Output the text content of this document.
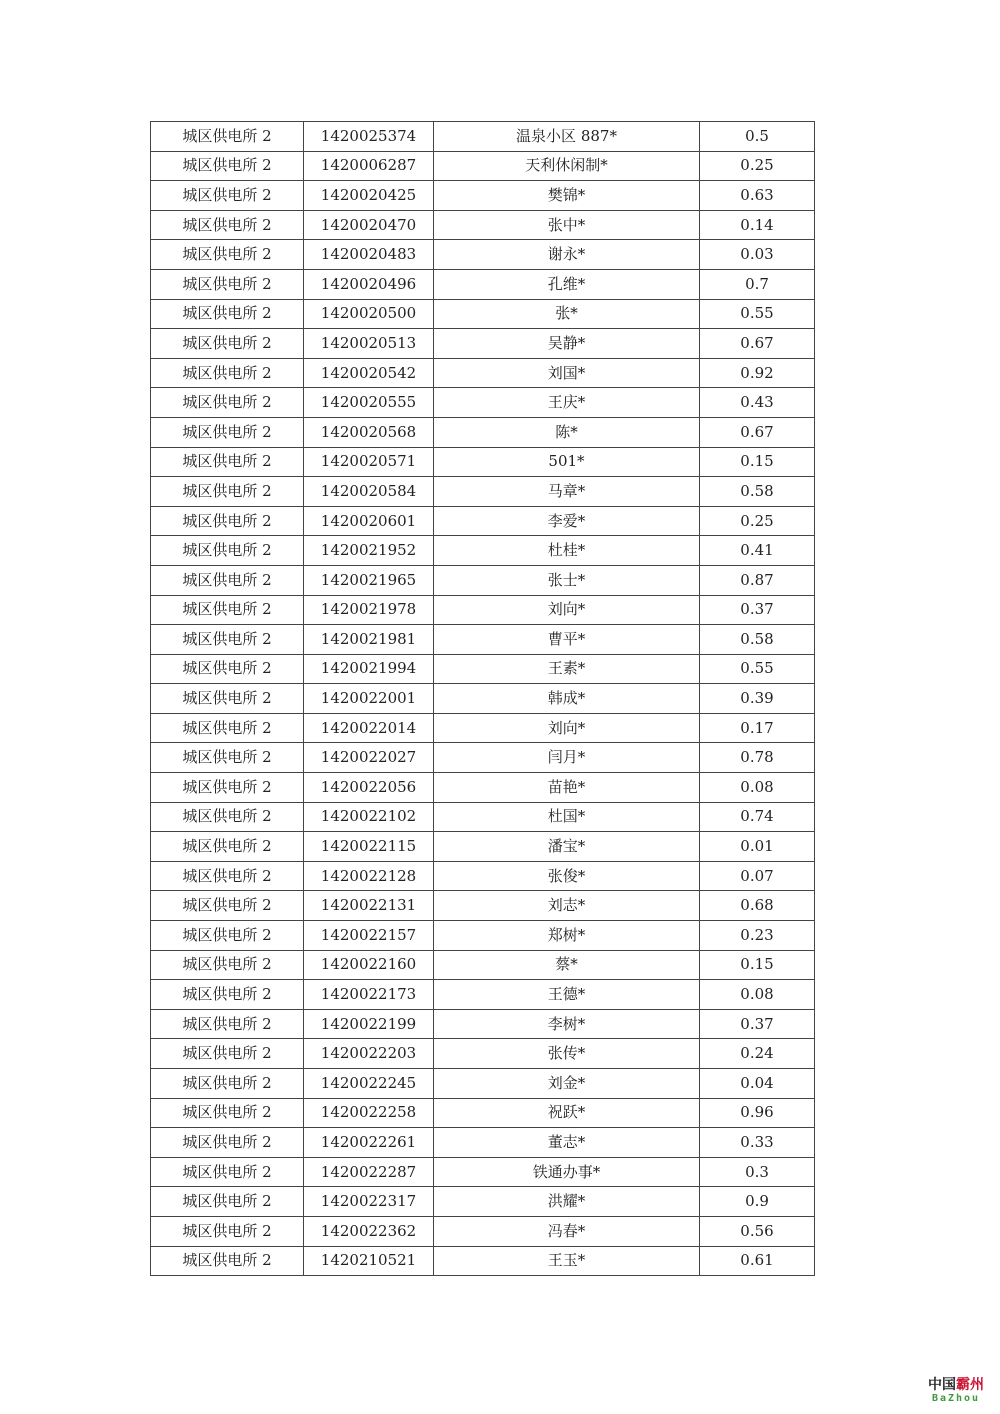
城区供电所 2	1420025374	温泉小区 887*	0.5
城区供电所 2	1420006287	天利休闲制*	0.25
城区供电所 2	1420020425	樊锦*	0.63
城区供电所 2	1420020470	张中*	0.14
城区供电所 2	1420020483	谢永*	0.03
城区供电所 2	1420020496	孔维*	0.7
城区供电所 2	1420020500	张*	0.55
城区供电所 2	1420020513	吴静*	0.67
城区供电所 2	1420020542	刘国*	0.92
城区供电所 2	1420020555	王庆*	0.43
城区供电所 2	1420020568	陈*	0.67
城区供电所 2	1420020571	501*	0.15
城区供电所 2	1420020584	马章*	0.58
城区供电所 2	1420020601	李爱*	0.25
城区供电所 2	1420021952	杜桂*	0.41
城区供电所 2	1420021965	张士*	0.87
城区供电所 2	1420021978	刘向*	0.37
城区供电所 2	1420021981	曹平*	0.58
城区供电所 2	1420021994	王素*	0.55
城区供电所 2	1420022001	韩成*	0.39
城区供电所 2	1420022014	刘向*	0.17
城区供电所 2	1420022027	闫月*	0.78
城区供电所 2	1420022056	苗艳*	0.08
城区供电所 2	1420022102	杜国*	0.74
城区供电所 2	1420022115	潘宝*	0.01
城区供电所 2	1420022128	张俊*	0.07
城区供电所 2	1420022131	刘志*	0.68
城区供电所 2	1420022157	郑树*	0.23
城区供电所 2	1420022160	蔡*	0.15
城区供电所 2	1420022173	王德*	0.08
城区供电所 2	1420022199	李树*	0.37
城区供电所 2	1420022203	张传*	0.24
城区供电所 2	1420022245	刘金*	0.04
城区供电所 2	1420022258	祝跃*	0.96
城区供电所 2	1420022261	董志*	0.33
城区供电所 2	1420022287	铁通办事*	0.3
城区供电所 2	1420022317	洪耀*	0.9
城区供电所 2	1420022362	冯春*	0.56
城区供电所 2	1420210521	王玉*	0.61
中国霸州
BaZhou
